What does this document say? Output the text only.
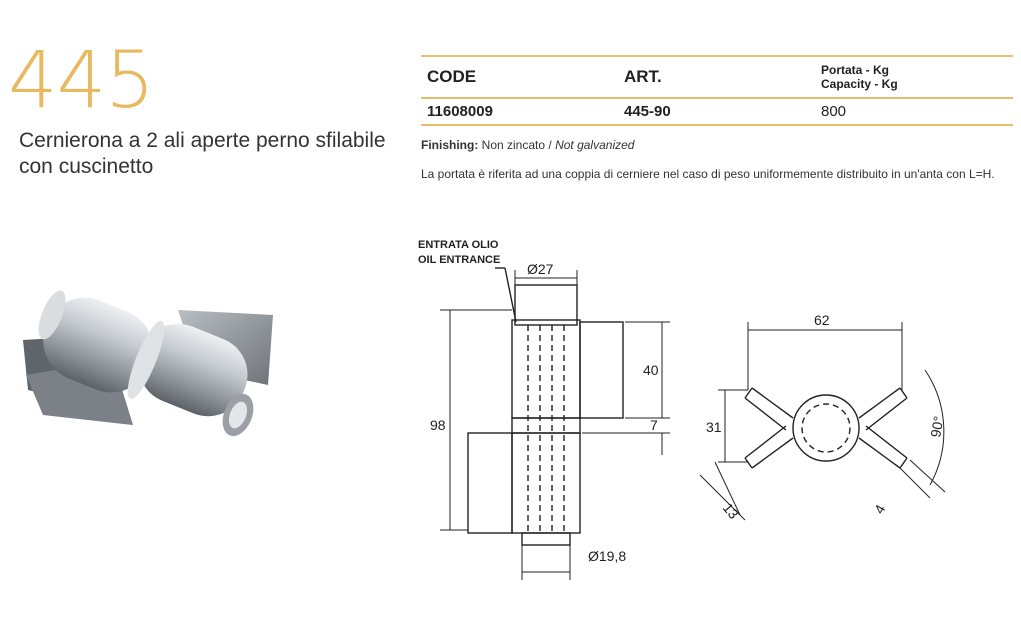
445
Cernierona a 2 ali aperte perno sfilabile
con cuscinetto
CODE	ART.	Portata - Kg
Capacity - Kg

11608009	445-90	800
Finishing: Non zincato / Not galvanized
La portata è riferita ad una coppia di cerniere nel caso di peso uniformemente distribuito in un'anta con L=H.
ENTRATA OLIO
OIL ENTRANCE
Ø27
98
40
7
Ø19,8
62
31	90°
13	4
